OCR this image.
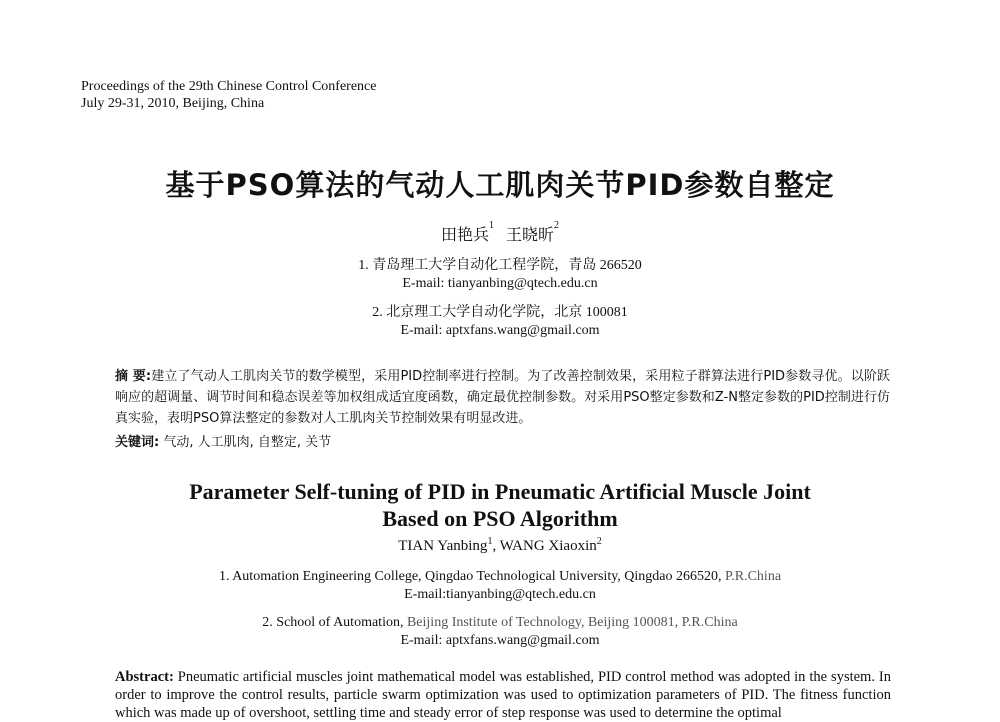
Proceedings of the 29th Chinese Control Conference
July 29-31, 2010, Beijing, China
基于PSO算法的气动人工肌肉关节PID参数自整定
田艳兵$^1$   王晓昕$^2$
1. 青岛理工大学自动化工程学院，青岛 266520
E-mail: tianyanbing@qtech.edu.cn
2. 北京理工大学自动化学院，北京 100081
E-mail: aptxfans.wang@gmail.com
摘 要:建立了气动人工肌肉关节的数学模型，采用PID控制率进行控制。为了改善控制效果，采用粒子群算法进行PID参数寻优。以阶跃响应的超调量、调节时间和稳态误差等加权组成适宜度函数，确定最优控制参数。对采用PSO整定参数和Z-N整定参数的PID控制进行仿真实验，表明PSO算法整定的参数对人工肌肉关节控制效果有明显改进。
关键词: 气动, 人工肌肉, 自整定, 关节
Parameter Self-tuning of PID in Pneumatic Artificial Muscle Joint
Based on PSO Algorithm
TIAN Yanbing$^1$, WANG Xiaoxin$^2$
1. Automation Engineering College, Qingdao Technological University, Qingdao 266520, P.R.China
E-mail:tianyanbing@qtech.edu.cn
2. School of Automation, Beijing Institute of Technology, Beijing 100081, P.R.China
E-mail: aptxfans.wang@gmail.com
Abstract: Pneumatic artificial muscles joint mathematical model was established, PID control method was adopted in the system. In order to improve the control results, particle swarm optimization was used to optimization parameters of PID. The fitness function which was made up of overshoot, settling time and steady error of step response was used to determine the optimal
